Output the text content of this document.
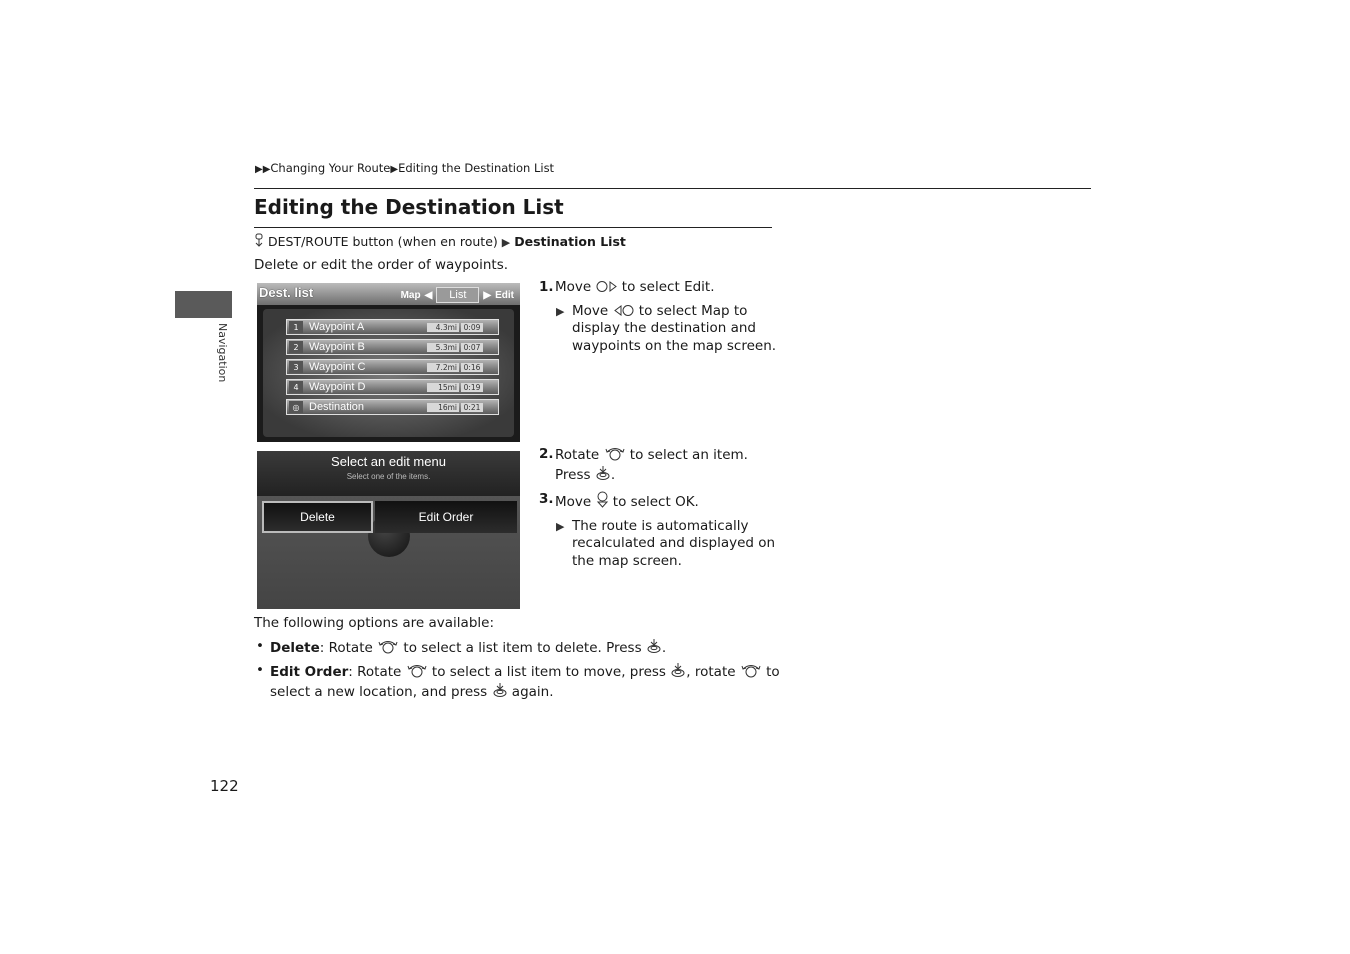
▶▶Changing Your Route▶Editing the Destination List
Navigation
Editing the Destination List
DEST/ROUTE button (when en route) ▶ Destination List
Delete or edit the order of waypoints.
Dest. list	Map ◀	List	▶ Edit
1 Waypoint A	4.3mi 0:09
2 Waypoint B	5.3mi 0:07
3 Waypoint C	7.2mi 0:16
4 Waypoint D	15mi 0:19
◎ Destination	16mi 0:21
Select an edit menu
Select one of the items.
Delete	Edit Order
1. Move to select Edit.
▶ Move to select Map to display the destination and waypoints on the map screen.
2. Rotate to select an item. Press .
3. Move to select OK.
▶ The route is automatically recalculated and displayed on the map screen.
The following options are available:
• Delete: Rotate to select a list item to delete. Press .
• Edit Order: Rotate to select a list item to move, press , rotate to select a new location, and press again.
122
